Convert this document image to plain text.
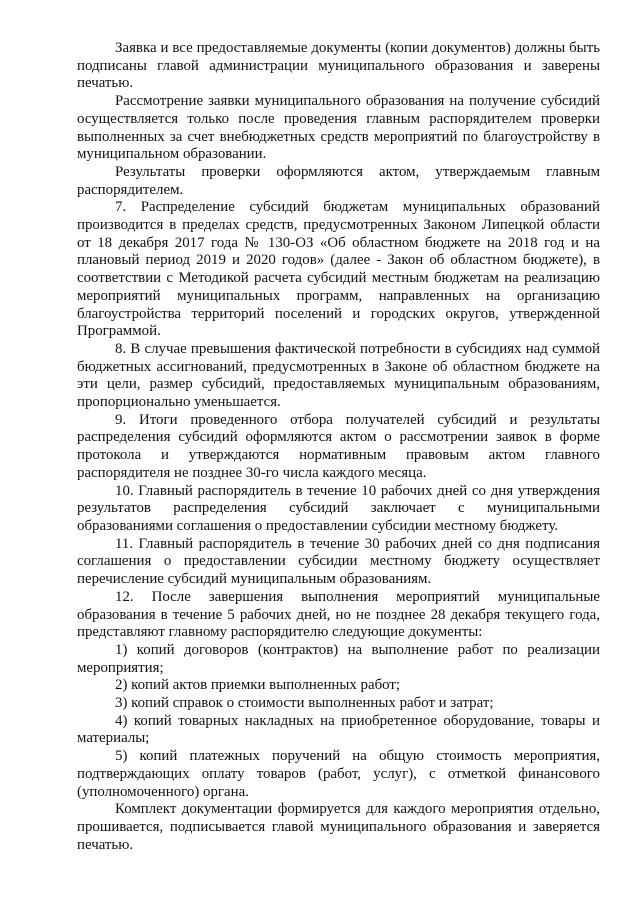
Заявка и все предоставляемые документы (копии документов) должны быть подписаны главой администрации муниципального образования и заверены печатью.

Рассмотрение заявки муниципального образования на получение субсидий осуществляется только после проведения главным распорядителем проверки выполненных за счет внебюджетных средств мероприятий по благоустройству в муниципальном образовании.

Результаты проверки оформляются актом, утверждаемым главным распорядителем.

7. Распределение субсидий бюджетам муниципальных образований производится в пределах средств, предусмотренных Законом Липецкой области от 18 декабря 2017 года № 130-ОЗ «Об областном бюджете на 2018 год и на плановый период 2019 и 2020 годов» (далее - Закон об областном бюджете), в соответствии с Методикой расчета субсидий местным бюджетам на реализацию мероприятий муниципальных программ, направленных на организацию благоустройства территорий поселений и городских округов, утвержденной Программой.

8. В случае превышения фактической потребности в субсидиях над суммой бюджетных ассигнований, предусмотренных в Законе об областном бюджете на эти цели, размер субсидий, предоставляемых муниципальным образованиям, пропорционально уменьшается.

9. Итоги проведенного отбора получателей субсидий и результаты распределения субсидий оформляются актом о рассмотрении заявок в форме протокола и утверждаются нормативным правовым актом главного распорядителя не позднее 30-го числа каждого месяца.

10. Главный распорядитель в течение 10 рабочих дней со дня утверждения результатов распределения субсидий заключает с муниципальными образованиями соглашения о предоставлении субсидии местному бюджету.

11. Главный распорядитель в течение 30 рабочих дней со дня подписания соглашения о предоставлении субсидии местному бюджету осуществляет перечисление субсидий муниципальным образованиям.

12. После завершения выполнения мероприятий муниципальные образования в течение 5 рабочих дней, но не позднее 28 декабря текущего года, представляют главному распорядителю следующие документы:

1) копий договоров (контрактов) на выполнение работ по реализации мероприятия;

2) копий актов приемки выполненных работ;

3) копий справок о стоимости выполненных работ и затрат;

4) копий товарных накладных на приобретенное оборудование, товары и материалы;

5) копий платежных поручений на общую стоимость мероприятия, подтверждающих оплату товаров (работ, услуг), с отметкой финансового (уполномоченного) органа.

Комплект документации формируется для каждого мероприятия отдельно, прошивается, подписывается главой муниципального образования и заверяется печатью.
